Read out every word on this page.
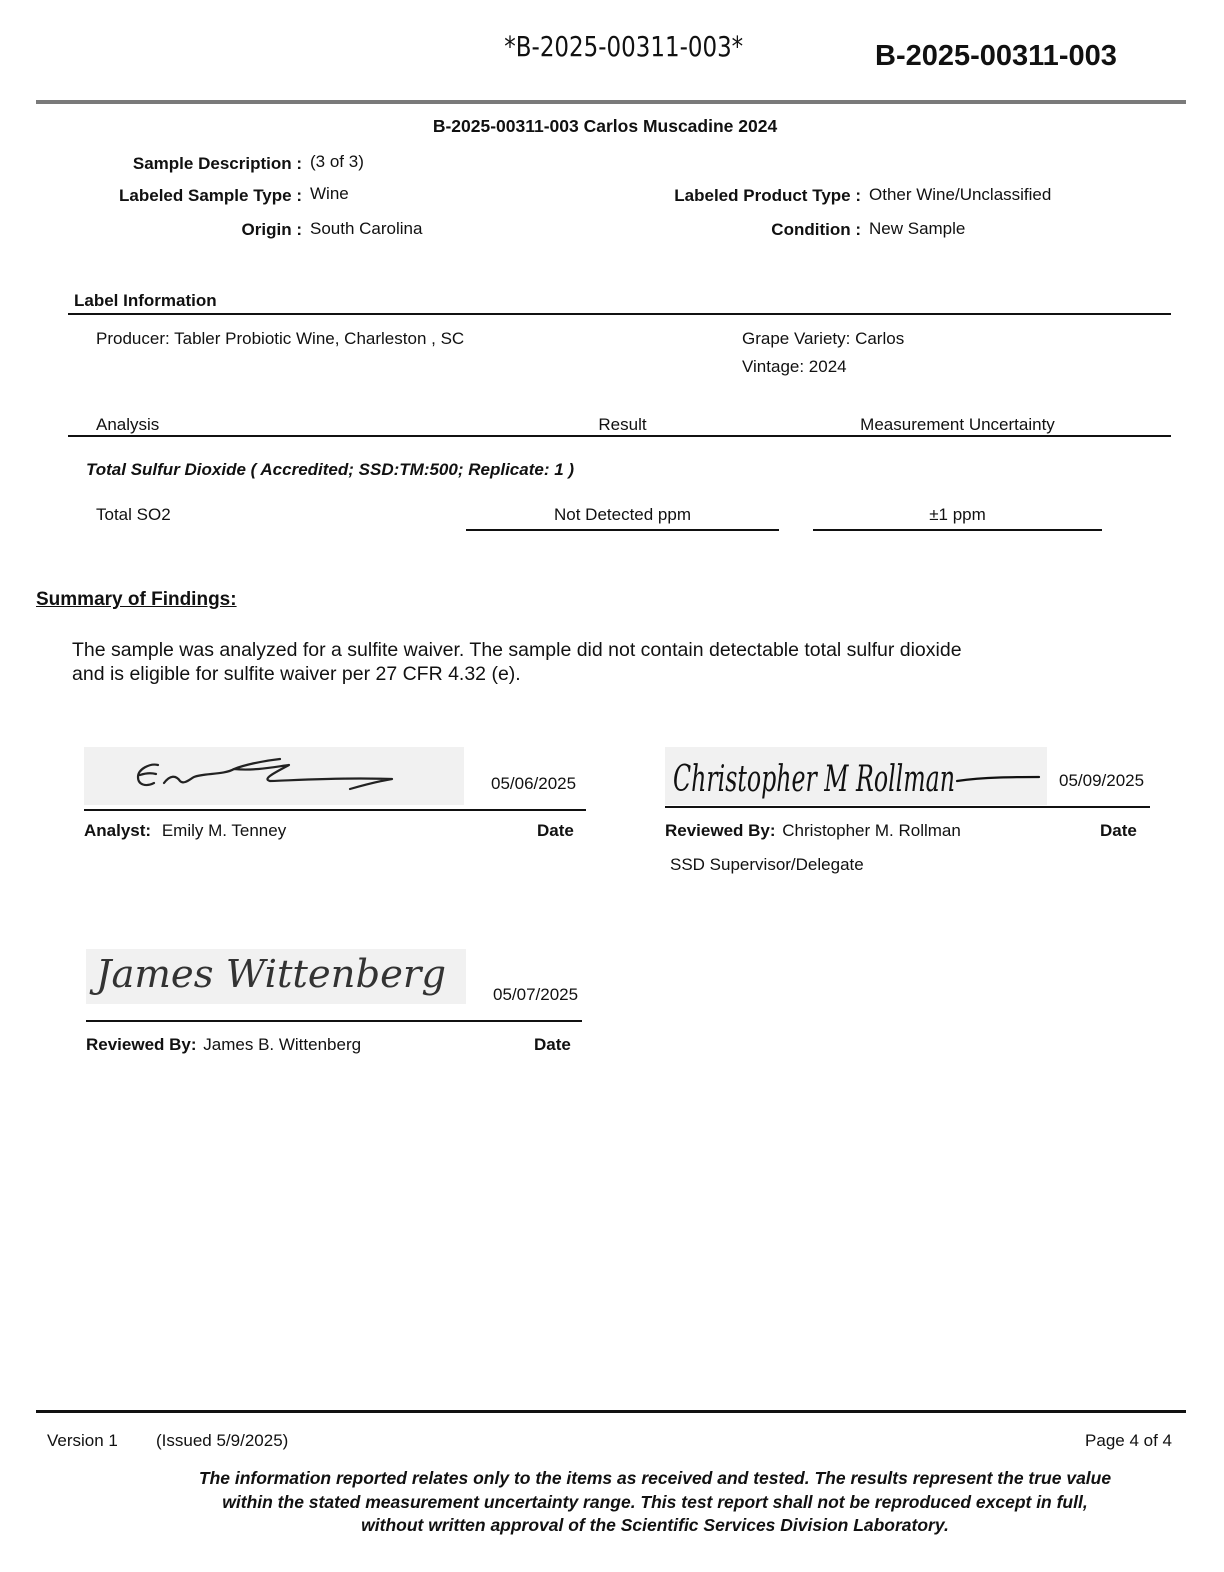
*B-2025-00311-003*	B-2025-00311-003
B-2025-00311-003 Carlos Muscadine 2024
Sample Description : (3 of 3)
Labeled Sample Type : Wine
Origin : South Carolina
Labeled Product Type : Other Wine/Unclassified
Condition : New Sample
Label Information
Producer: Tabler Probiotic Wine, Charleston , SC	Grape Variety: Carlos
Vintage: 2024
Analysis	Result	Measurement Uncertainty
Total Sulfur Dioxide ( Accredited; SSD:TM:500; Replicate: 1 )
Total SO2	Not Detected ppm	±1 ppm
Summary of Findings:
The sample was analyzed for a sulfite waiver. The sample did not contain detectable total sulfur dioxide
and is eligible for sulfite waiver per 27 CFR 4.32 (e).
05/06/2025
Analyst: Emily M. Tenney	Date
Christopher M Rollman	05/09/2025
Reviewed By: Christopher M. Rollman	Date
SSD Supervisor/Delegate
James Wittenberg	05/07/2025
Reviewed By: James B. Wittenberg	Date
Version 1 (Issued 5/9/2025)	Page 4 of 4
The information reported relates only to the items as received and tested. The results represent the true value
within the stated measurement uncertainty range. This test report shall not be reproduced except in full,
without written approval of the Scientific Services Division Laboratory.
